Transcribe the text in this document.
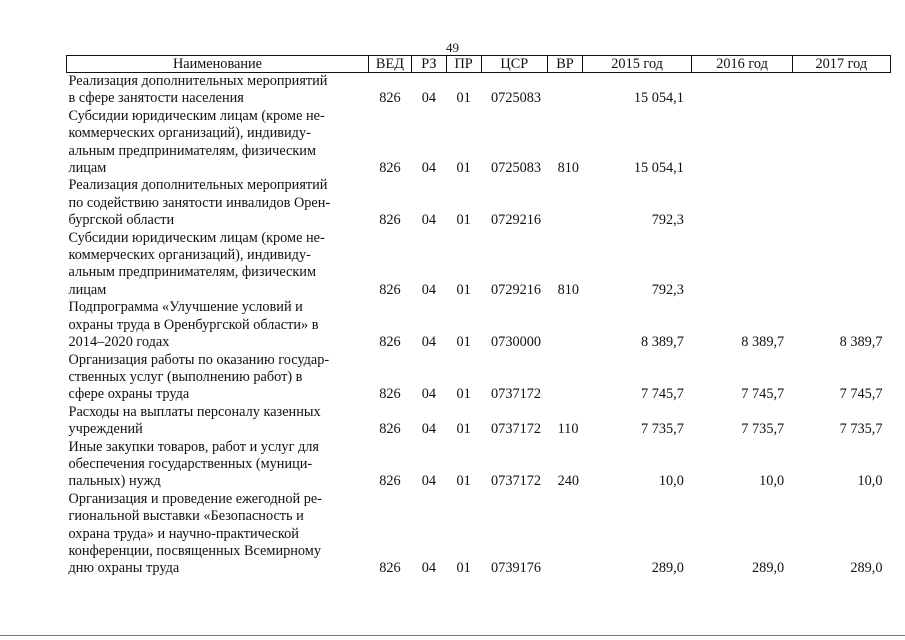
49
Наименование	ВЕД	РЗ	ПР	ЦСР	ВР	2015 год	2016 год	2017 год

Реализация дополнительных мероприятий
в сфере занятости населения	826	04	01	0725083		15 054,1		

Субсидии юридическим лицам (кроме не-
коммерческих организаций), индивиду-
альным предпринимателям, физическим
лицам	826	04	01	0725083	810	15 054,1		

Реализация дополнительных мероприятий
по содействию занятости инвалидов Орен-
бургской области	826	04	01	0729216		792,3		

Субсидии юридическим лицам (кроме не-
коммерческих организаций), индивиду-
альным предпринимателям, физическим
лицам	826	04	01	0729216	810	792,3		

Подпрограмма «Улучшение условий и
охраны труда в Оренбургской области» в
2014–2020 годах	826	04	01	0730000		8 389,7	8 389,7	8 389,7

Организация работы по оказанию государ-
ственных услуг (выполнению работ) в
сфере охраны труда	826	04	01	0737172		7 745,7	7 745,7	7 745,7

Расходы на выплаты персоналу казенных
учреждений	826	04	01	0737172	110	7 735,7	7 735,7	7 735,7

Иные закупки товаров, работ и услуг для
обеспечения государственных (муници-
пальных) нужд	826	04	01	0737172	240	10,0	10,0	10,0

Организация и проведение ежегодной ре-
гиональной выставки «Безопасность и
охрана труда» и научно-практической
конференции, посвященных Всемирному
дню охраны труда	826	04	01	0739176		289,0	289,0	289,0
